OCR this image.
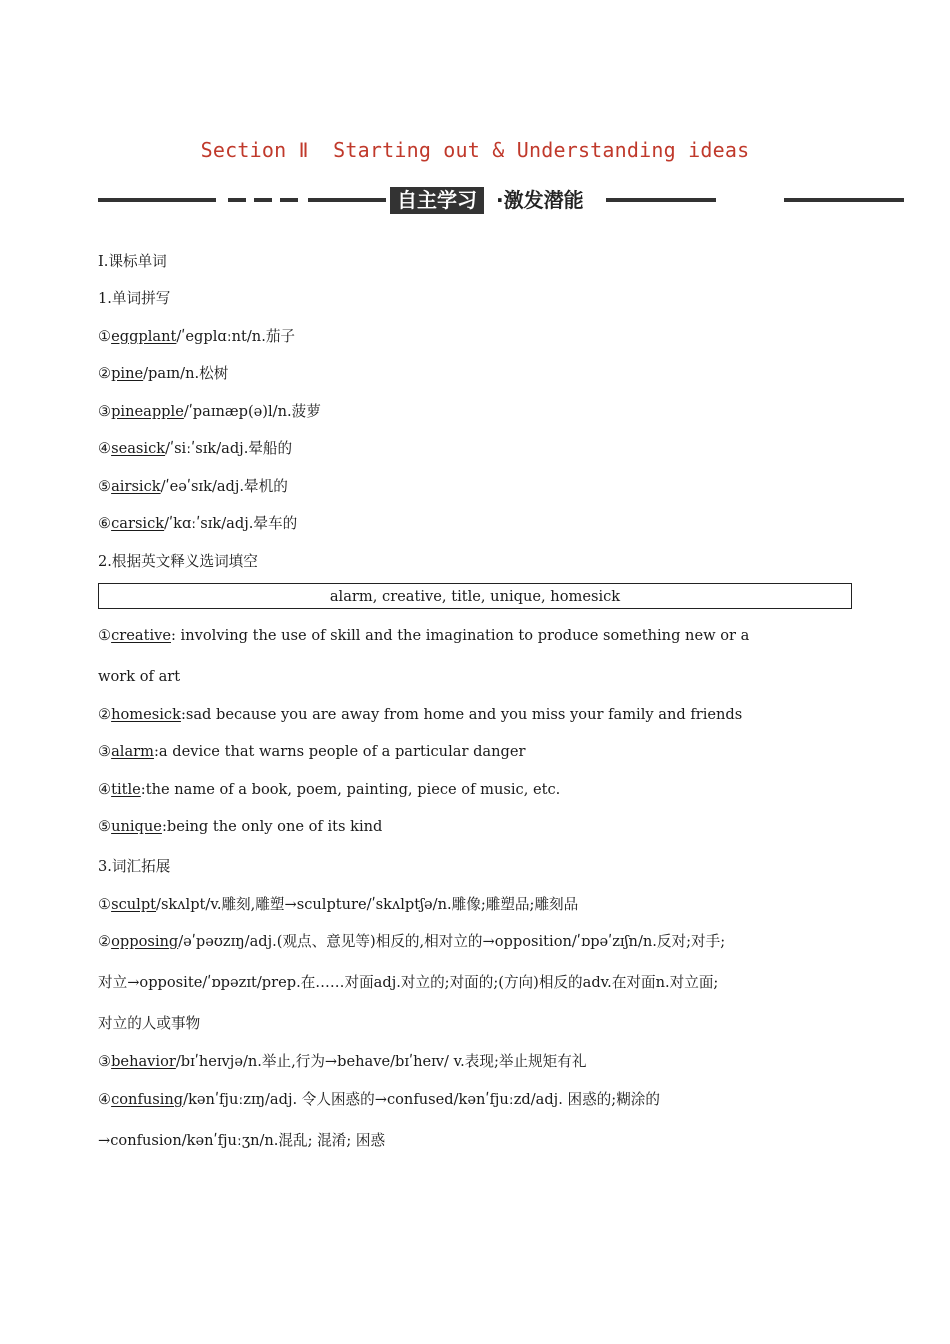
Section Ⅱ  Starting out & Understanding ideas
自主学习 ·激发潜能
Ⅰ.课标单词
1.单词拼写
①eggplant/ʹegplɑːnt/n.茄子
②pine/paɪn/n.松树
③pineapple/ʹpaɪnæp(ə)l/n.菠萝
④seasick/ʹsiːʹsɪk/adj.晕船的
⑤airsick/ʹeəʹsɪk/adj.晕机的
⑥carsick/ʹkɑːʹsɪk/adj.晕车的
2.根据英文释义选词填空
alarm, creative, title, unique, homesick
①creative: involving the use of skill and the imagination to produce something new or a
work of art
②homesick:sad because you are away from home and you miss your family and friends
③alarm:a device that warns people of a particular danger
④title:the name of a book, poem, painting, piece of music, etc.
⑤unique:being the only one of its kind
3.词汇拓展
①sculpt/skʌlpt/v.雕刻,雕塑→sculpture/ʹskʌlptʃə/n.雕像;雕塑品;雕刻品
②opposing/əʹpəʊzɪŋ/adj.(观点、意见等)相反的,相对立的→opposition/ʹɒpəʹzɪʃn/n.反对;对手;
对立→opposite/ʹɒpəzɪt/prep.在……对面adj.对立的;对面的;(方向)相反的adv.在对面n.对立面;
对立的人或事物
③behavior/bɪʹheɪvjə/n.举止,行为→behave/bɪʹheɪv/ v.表现;举止规矩有礼
④confusing/kənʹfjuːzɪŋ/adj. 令人困惑的→confused/kənʹfjuːzd/adj. 困惑的;糊涂的
→confusion/kənʹfjuːʒn/n.混乱; 混淆; 困惑
